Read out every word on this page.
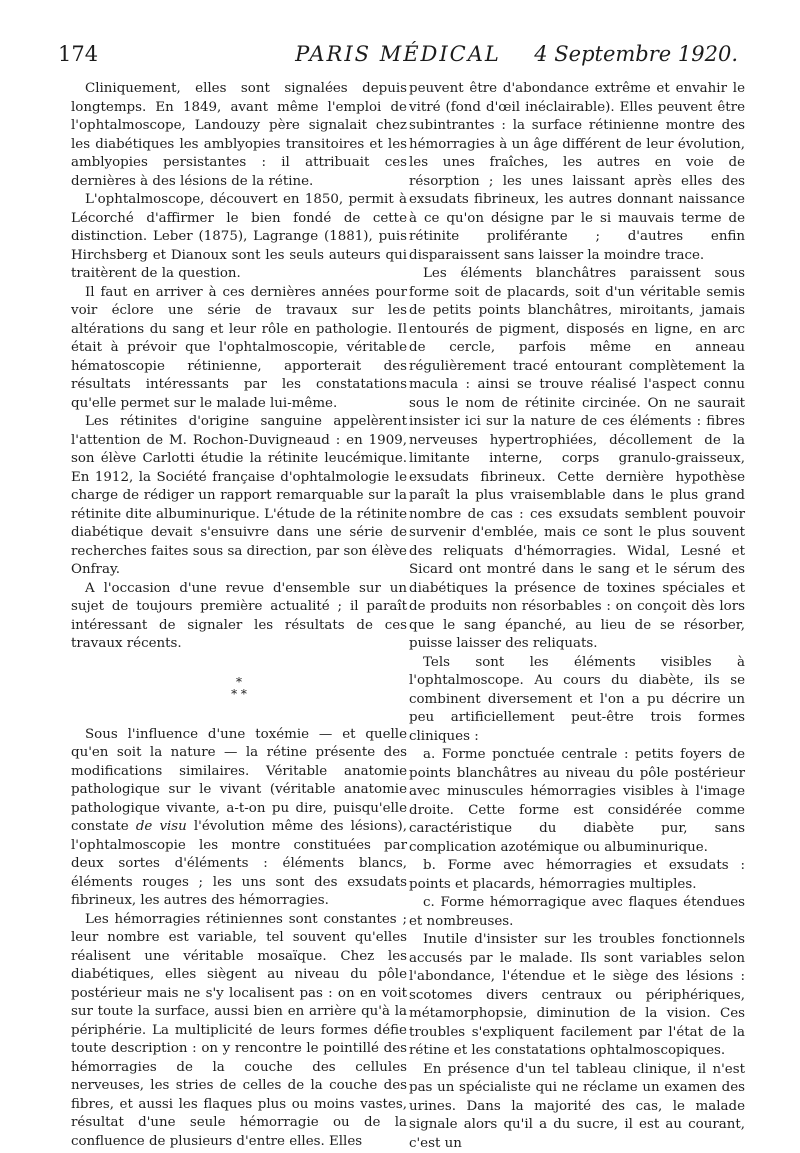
174	PARIS MÉDICAL	4 Septembre 1920.

Cliniquement, elles sont signalées depuis longtemps. En 1849, avant même l'emploi de l'ophtalmoscope, Landouzy père signalait chez les diabétiques les amblyopies transitoires et les amblyopies persistantes : il attribuait ces dernières à des lésions de la rétine.

L'ophtalmoscope, découvert en 1850, permit à Lécorché d'affirmer le bien fondé de cette distinction. Leber (1875), Lagrange (1881), puis Hirchsberg et Dianoux sont les seuls auteurs qui traitèrent de la question.

Il faut en arriver à ces dernières années pour voir éclore une série de travaux sur les altérations du sang et leur rôle en pathologie. Il était à prévoir que l'ophtalmoscopie, véritable hématoscopie rétinienne, apporterait des résultats intéressants par les constatations qu'elle permet sur le malade lui-même.

Les rétinites d'origine sanguine appelèrent l'attention de M. Rochon-Duvigneaud : en 1909, son élève Carlotti étudie la rétinite leucémique. En 1912, la Société française d'ophtalmologie le charge de rédiger un rapport remarquable sur la rétinite dite albuminurique. L'étude de la rétinite diabétique devait s'ensuivre dans une série de recherches faites sous sa direction, par son élève Onfray.

A l'occasion d'une revue d'ensemble sur un sujet de toujours première actualité ; il paraît intéressant de signaler les résultats de ces travaux récents.

*
* *

Sous l'influence d'une toxémie — et quelle qu'en soit la nature — la rétine présente des modifications similaires. Véritable anatomie pathologique sur le vivant (véritable anatomie pathologique vivante, a-t-on pu dire, puisqu'elle constate de visu l'évolution même des lésions), l'ophtalmoscopie les montre constituées par deux sortes d'éléments : éléments blancs, éléments rouges ; les uns sont des exsudats fibrineux, les autres des hémorragies.

Les hémorragies rétiniennes sont constantes ; leur nombre est variable, tel souvent qu'elles réalisent une véritable mosaïque. Chez les diabétiques, elles siègent au niveau du pôle postérieur mais ne s'y localisent pas : on en voit sur toute la surface, aussi bien en arrière qu'à la périphérie. La multiplicité de leurs formes défie toute description : on y rencontre le pointillé des hémorragies de la couche des cellules nerveuses, les stries de celles de la couche des fibres, et aussi les flaques plus ou moins vastes, résultat d'une seule hémorragie ou de la confluence de plusieurs d'entre elles. Elles

peuvent être d'abondance extrême et envahir le vitré (fond d'œil inéclairable). Elles peuvent être subintrantes : la surface rétinienne montre des hémorragies à un âge différent de leur évolution, les unes fraîches, les autres en voie de résorption ; les unes laissant après elles des exsudats fibrineux, les autres donnant naissance à ce qu'on désigne par le si mauvais terme de rétinite proliférante ; d'autres enfin disparaissent sans laisser la moindre trace.

Les éléments blanchâtres paraissent sous forme soit de placards, soit d'un véritable semis de petits points blanchâtres, miroitants, jamais entourés de pigment, disposés en ligne, en arc de cercle, parfois même en anneau régulièrement tracé entourant complètement la macula : ainsi se trouve réalisé l'aspect connu sous le nom de rétinite circinée. On ne saurait insister ici sur la nature de ces éléments : fibres nerveuses hypertrophiées, décollement de la limitante interne, corps granulo-graisseux, exsudats fibrineux. Cette dernière hypothèse paraît la plus vraisemblable dans le plus grand nombre de cas : ces exsudats semblent pouvoir survenir d'emblée, mais ce sont le plus souvent des reliquats d'hémorragies. Widal, Lesné et Sicard ont montré dans le sang et le sérum des diabétiques la présence de toxines spéciales et de produits non résorbables : on conçoit dès lors que le sang épanché, au lieu de se résorber, puisse laisser des reliquats.

Tels sont les éléments visibles à l'ophtalmoscope. Au cours du diabète, ils se combinent diversement et l'on a pu décrire un peu artificiellement peut-être trois formes cliniques :

a. Forme ponctuée centrale : petits foyers de points blanchâtres au niveau du pôle postérieur avec minuscules hémorragies visibles à l'image droite. Cette forme est considérée comme caractéristique du diabète pur, sans complication azotémique ou albuminurique.

b. Forme avec hémorragies et exsudats : points et placards, hémorragies multiples.

c. Forme hémorragique avec flaques étendues et nombreuses.

Inutile d'insister sur les troubles fonctionnels accusés par le malade. Ils sont variables selon l'abondance, l'étendue et le siège des lésions : scotomes divers centraux ou périphériques, métamorphopsie, diminution de la vision. Ces troubles s'expliquent facilement par l'état de la rétine et les constatations ophtalmoscopiques.

En présence d'un tel tableau clinique, il n'est pas un spécialiste qui ne réclame un examen des urines. Dans la majorité des cas, le malade signale alors qu'il a du sucre, il est au courant, c'est un
